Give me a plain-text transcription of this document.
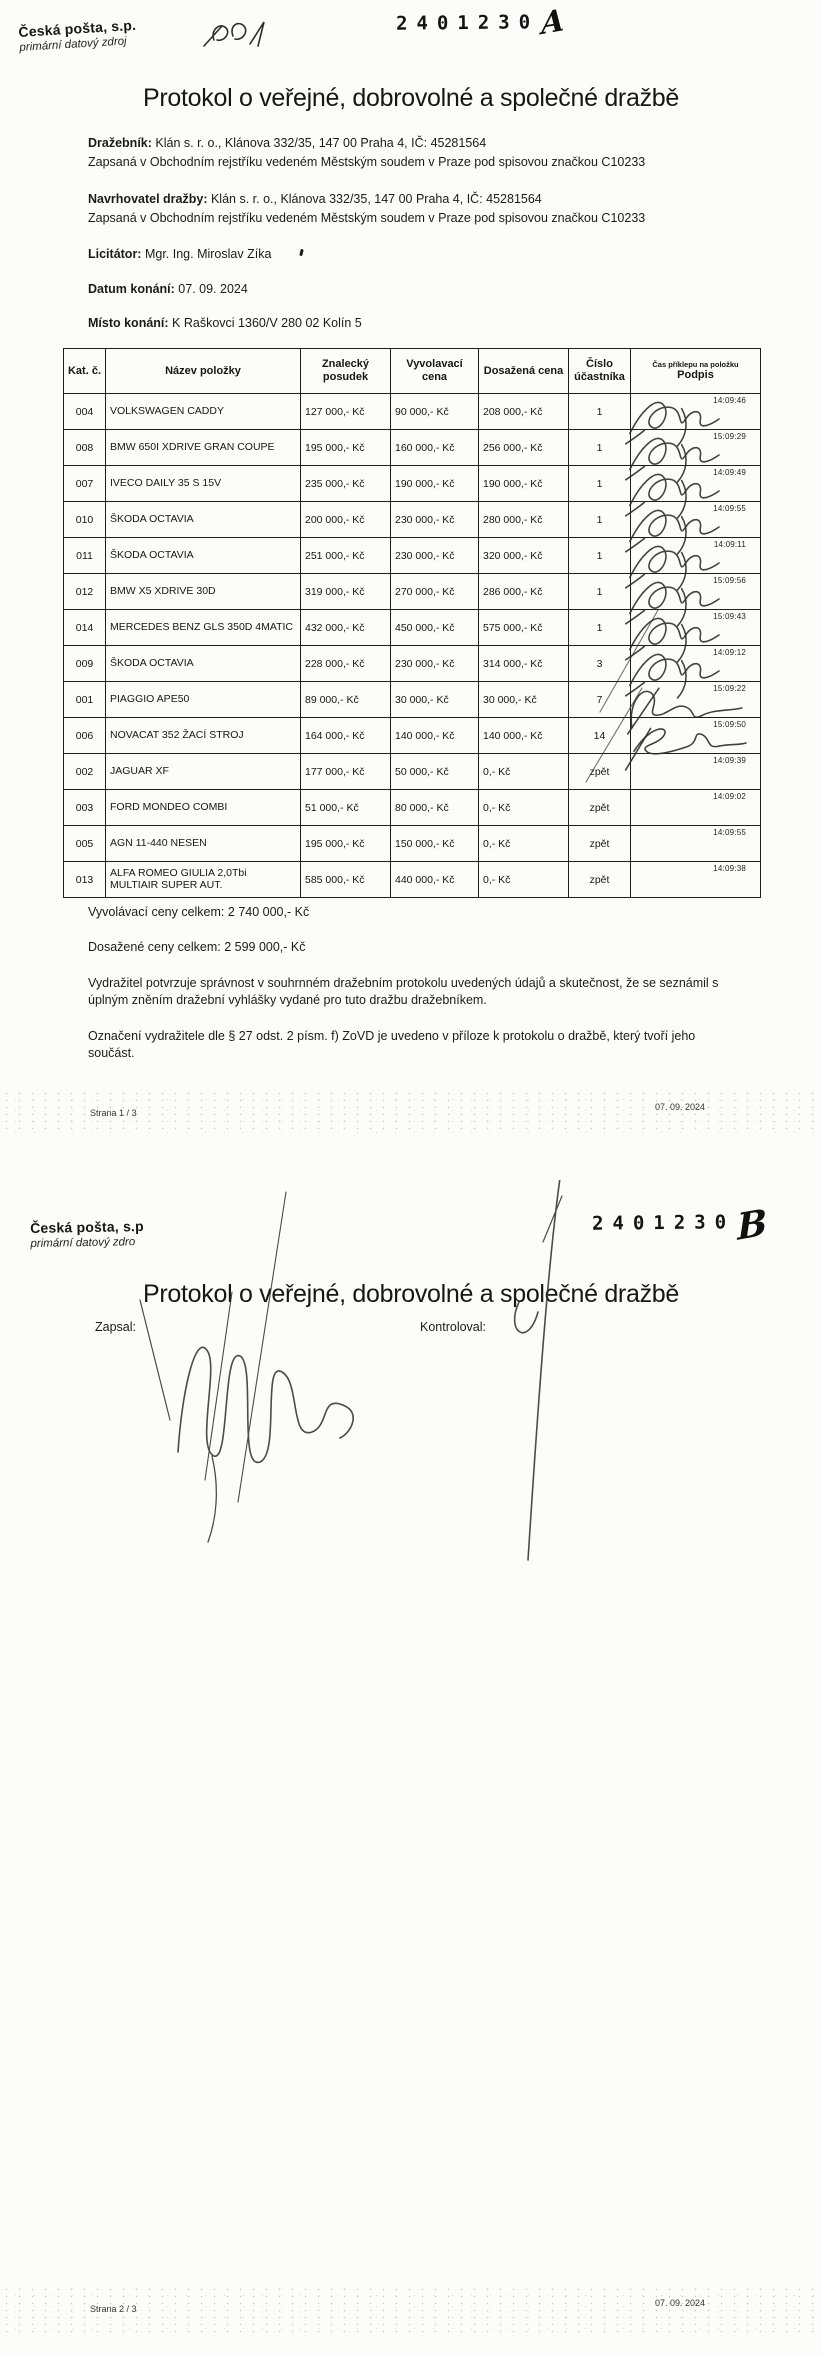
Česká pošta, s.p.
primární datový zdroj
2401230 A
Protokol o veřejné, dobrovolné a společné dražbě
Dražebník: Klán s. r. o., Klánova 332/35, 147 00 Praha 4, IČ: 45281564
Zapsaná v Obchodním rejstříku vedeném Městským soudem v Praze pod spisovou značkou C10233
Navrhovatel dražby: Klán s. r. o., Klánova 332/35, 147 00 Praha 4, IČ: 45281564
Zapsaná v Obchodním rejstříku vedeném Městským soudem v Praze pod spisovou značkou C10233
Licitátor: Mgr. Ing. Miroslav Zíka
Datum konání: 07. 09. 2024
Místo konání: K Raškovci 1360/V 280 02 Kolín 5
Kat. č.	Název položky	Znalecký posudek	Vyvolavací cena	Dosažená cena	Číslo účastníka	Čas příklepu na položku
Podpis

004	VOLKSWAGEN CADDY	127 000,- Kč	90 000,- Kč	208 000,- Kč	1	14:09:46

008	BMW 650I XDRIVE GRAN COUPE	195 000,- Kč	160 000,- Kč	256 000,- Kč	1	15:09:29

007	IVECO DAILY 35 S 15V	235 000,- Kč	190 000,- Kč	190 000,- Kč	1	14:09:49

010	ŠKODA OCTAVIA	200 000,- Kč	230 000,- Kč	280 000,- Kč	1	14:09:55

011	ŠKODA OCTAVIA	251 000,- Kč	230 000,- Kč	320 000,- Kč	1	14:09:11

012	BMW X5 XDRIVE 30D	319 000,- Kč	270 000,- Kč	286 000,- Kč	1	15:09:56

014	MERCEDES BENZ GLS 350D 4MATIC	432 000,- Kč	450 000,- Kč	575 000,- Kč	1	15:09:43

009	ŠKODA OCTAVIA	228 000,- Kč	230 000,- Kč	314 000,- Kč	3	14:09:12

001	PIAGGIO APE50	89 000,- Kč	30 000,- Kč	30 000,- Kč	7	15:09:22

006	NOVACAT 352 ŽACÍ STROJ	164 000,- Kč	140 000,- Kč	140 000,- Kč	14	15:09:50

002	JAGUAR XF	177 000,- Kč	50 000,- Kč	0,- Kč	zpět	14:09:39

003	FORD MONDEO COMBI	51 000,- Kč	80 000,- Kč	0,- Kč	zpět	14:09:02

005	AGN 11-440 NESEN	195 000,- Kč	150 000,- Kč	0,- Kč	zpět	14:09:55

013	ALFA ROMEO GIULIA 2,0Tbi MULTIAIR SUPER AUT.	585 000,- Kč	440 000,- Kč	0,- Kč	zpět	14:09:38
Vyvolávací ceny celkem: 2 740 000,- Kč
Dosažené ceny celkem: 2 599 000,- Kč

Vydražitel potvrzuje správnost v souhrnném dražebním protokolu uvedených údajů a skutečnost, že se seznámil s úplným zněním dražební vyhlášky vydané pro tuto dražbu dražebníkem.

Označení vydražitele dle § 27 odst. 2 písm. f) ZoVD je uvedeno v příloze k protokolu o dražbě, který tvoří jeho součást.

Strana 1 / 3
07. 09. 2024
Česká pošta, s.p
primární datový zdro
2401230 B
Protokol o veřejné, dobrovolné a společné dražbě
Zapsal:	Kontroloval:
Strana 2 / 3
07. 09. 2024
